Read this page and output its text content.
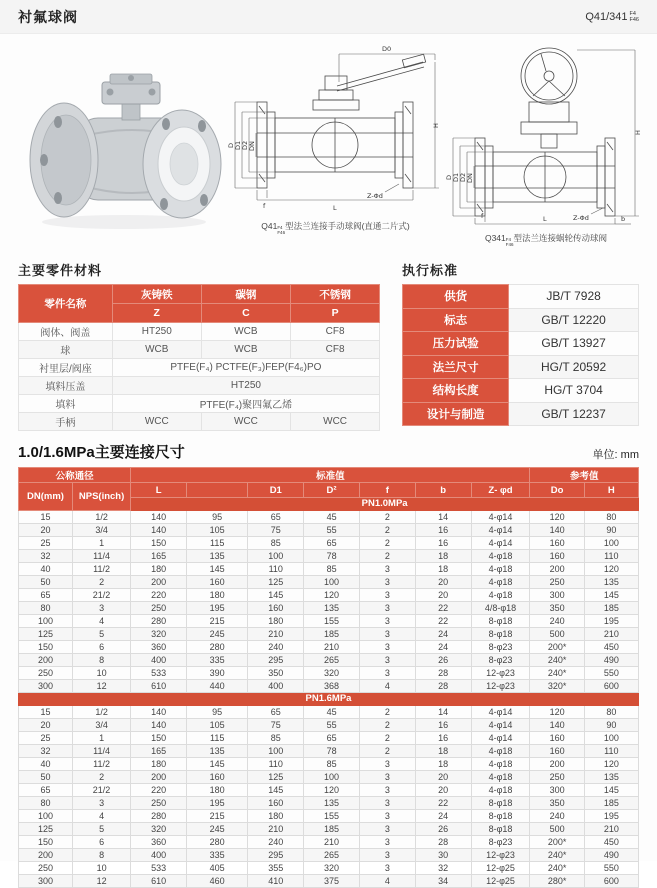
衬氟球阀	Q41/341 F4
F46
D0
H
D D1 D2 DN
L
f
Z-Φd
Q41 F4
F46
型法兰连接手动球阀(直通二片式)
H
D D1 D2 DN
L	b
f	Z-Φd
Q341 F4
F46
型法兰连接蜗轮传动球阀
主要零件材料
零件名称	灰铸铁	碳钢	不锈钢
	Z	C	P
阀体、阀盖	HT250	WCB	CF8
球	WCB	WCB	CF8
衬里层/阀座	PTFE(F₄) PCTFE(F₃)FEP(F4₆)PO		
填料压盖	HT250		
填料	PTFE(F₄)聚四氟乙烯		
手柄	WCC	WCC	WCC
执行标准
供货	JB/T 7928
标志	GB/T 12220
压力试验	GB/T 13927
法兰尺寸	HG/T 20592
结构长度	HG/T 3704
设计与制造	GB/T 12237
1.0/1.6MPa主要连接尺寸	单位: mm
公称通径		标准值							参考值	
DN(mm)	NPS(inch)	L		D1	D²	f	b	Z- φd	Do	H
		PN1.0MPa								
15	1/2	140	95	65	45	2	14	4-φ14	120	80
20	3/4	140	105	75	55	2	16	4-φ14	140	90
25	1	150	115	85	65	2	16	4-φ14	160	100
32	11/4	165	135	100	78	2	18	4-φ18	160	110
40	11/2	180	145	110	85	3	18	4-φ18	200	120
50	2	200	160	125	100	3	20	4-φ18	250	135
65	21/2	220	180	145	120	3	20	4-φ18	300	145
80	3	250	195	160	135	3	22	4/8-φ18	350	185
100	4	280	215	180	155	3	22	8-φ18	240	195
125	5	320	245	210	185	3	24	8-φ18	500	210
150	6	360	280	240	210	3	24	8-φ23	200*	450
200	8	400	335	295	265	3	26	8-φ23	240*	490
250	10	533	390	350	320	3	28	12-φ23	240*	550
300	12	610	440	400	368	4	28	12-φ23	320*	600
PN1.6MPa										
15	1/2	140	95	65	45	2	14	4-φ14	120	80
20	3/4	140	105	75	55	2	16	4-φ14	140	90
25	1	150	115	85	65	2	16	4-φ14	160	100
32	11/4	165	135	100	78	2	18	4-φ18	160	110
40	11/2	180	145	110	85	3	18	4-φ18	200	120
50	2	200	160	125	100	3	20	4-φ18	250	135
65	21/2	220	180	145	120	3	20	4-φ18	300	145
80	3	250	195	160	135	3	22	8-φ18	350	185
100	4	280	215	180	155	3	24	8-φ18	240	195
125	5	320	245	210	185	3	26	8-φ18	500	210
150	6	360	280	240	210	3	28	8-φ23	200*	450
200	8	400	335	295	265	3	30	12-φ23	240*	490
250	10	533	405	355	320	3	32	12-φ25	240*	550
300	12	610	460	410	375	4	34	12-φ25	280*	600
